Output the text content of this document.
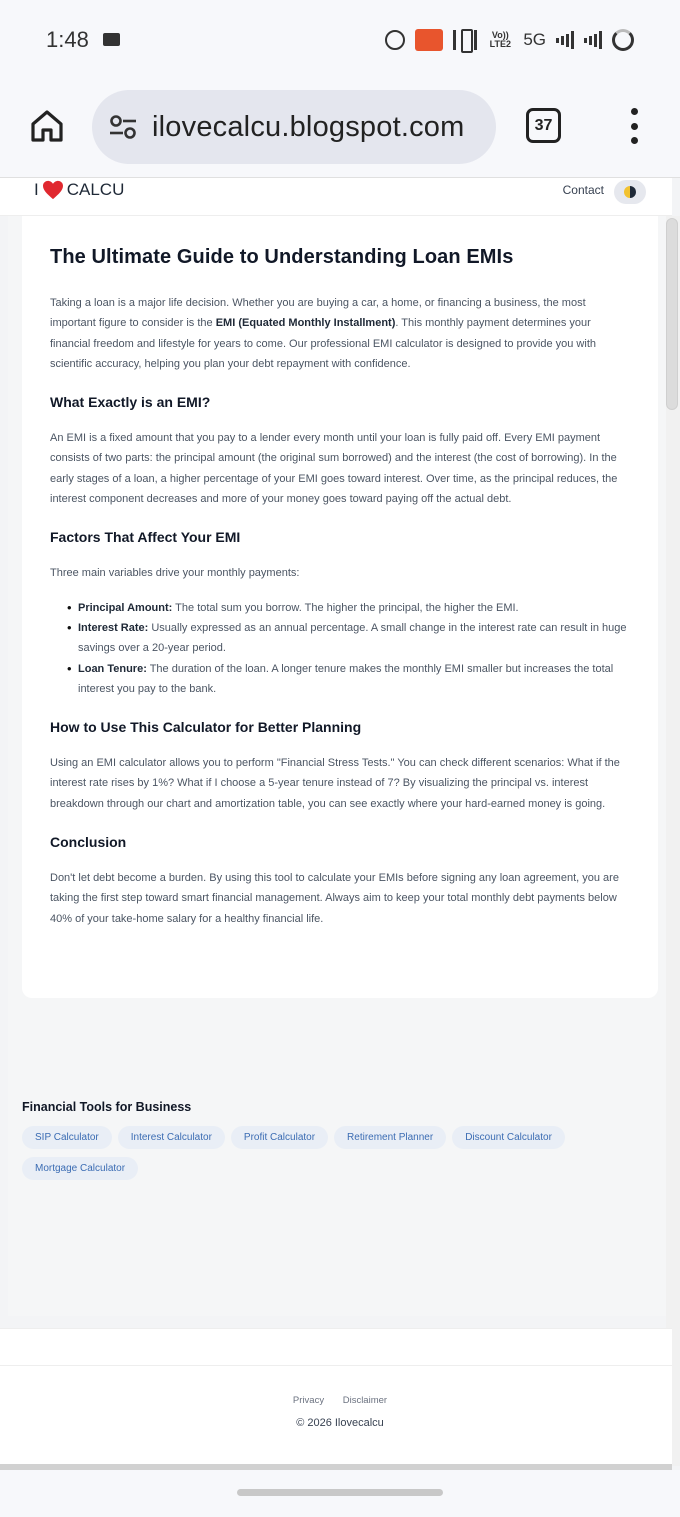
1:48	Vo)) LTE2 5G
ilovecalcu.blogspot.com	37
I CALCU	Contact
The Ultimate Guide to Understanding Loan EMIs

Taking a loan is a major life decision. Whether you are buying a car, a home, or financing a business, the most important figure to consider is the EMI (Equated Monthly Installment). This monthly payment determines your financial freedom and lifestyle for years to come. Our professional EMI calculator is designed to provide you with scientific accuracy, helping you plan your debt repayment with confidence.

What Exactly is an EMI?

An EMI is a fixed amount that you pay to a lender every month until your loan is fully paid off. Every EMI payment consists of two parts: the principal amount (the original sum borrowed) and the interest (the cost of borrowing). In the early stages of a loan, a higher percentage of your EMI goes toward interest. Over time, as the principal reduces, the interest component decreases and more of your money goes toward paying off the actual debt.

Factors That Affect Your EMI

Three main variables drive your monthly payments:

• Principal Amount: The total sum you borrow. The higher the principal, the higher the EMI.
• Interest Rate: Usually expressed as an annual percentage. A small change in the interest rate can result in huge savings over a 20-year period.
• Loan Tenure: The duration of the loan. A longer tenure makes the monthly EMI smaller but increases the total interest you pay to the bank.
How to Use This Calculator for Better Planning

Using an EMI calculator allows you to perform "Financial Stress Tests." You can check different scenarios: What if the interest rate rises by 1%? What if I choose a 5-year tenure instead of 7? By visualizing the principal vs. interest breakdown through our chart and amortization table, you can see exactly where your hard-earned money is going.

Conclusion

Don't let debt become a burden. By using this tool to calculate your EMIs before signing any loan agreement, you are taking the first step toward smart financial management. Always aim to keep your total monthly debt payments below 40% of your take-home salary for a healthy financial life.

Financial Tools for Business
SIP Calculator	Interest Calculator	Profit Calculator	Retirement Planner	Discount Calculator
Mortgage Calculator
Privacy Disclaimer
© 2026 Ilovecalcu
